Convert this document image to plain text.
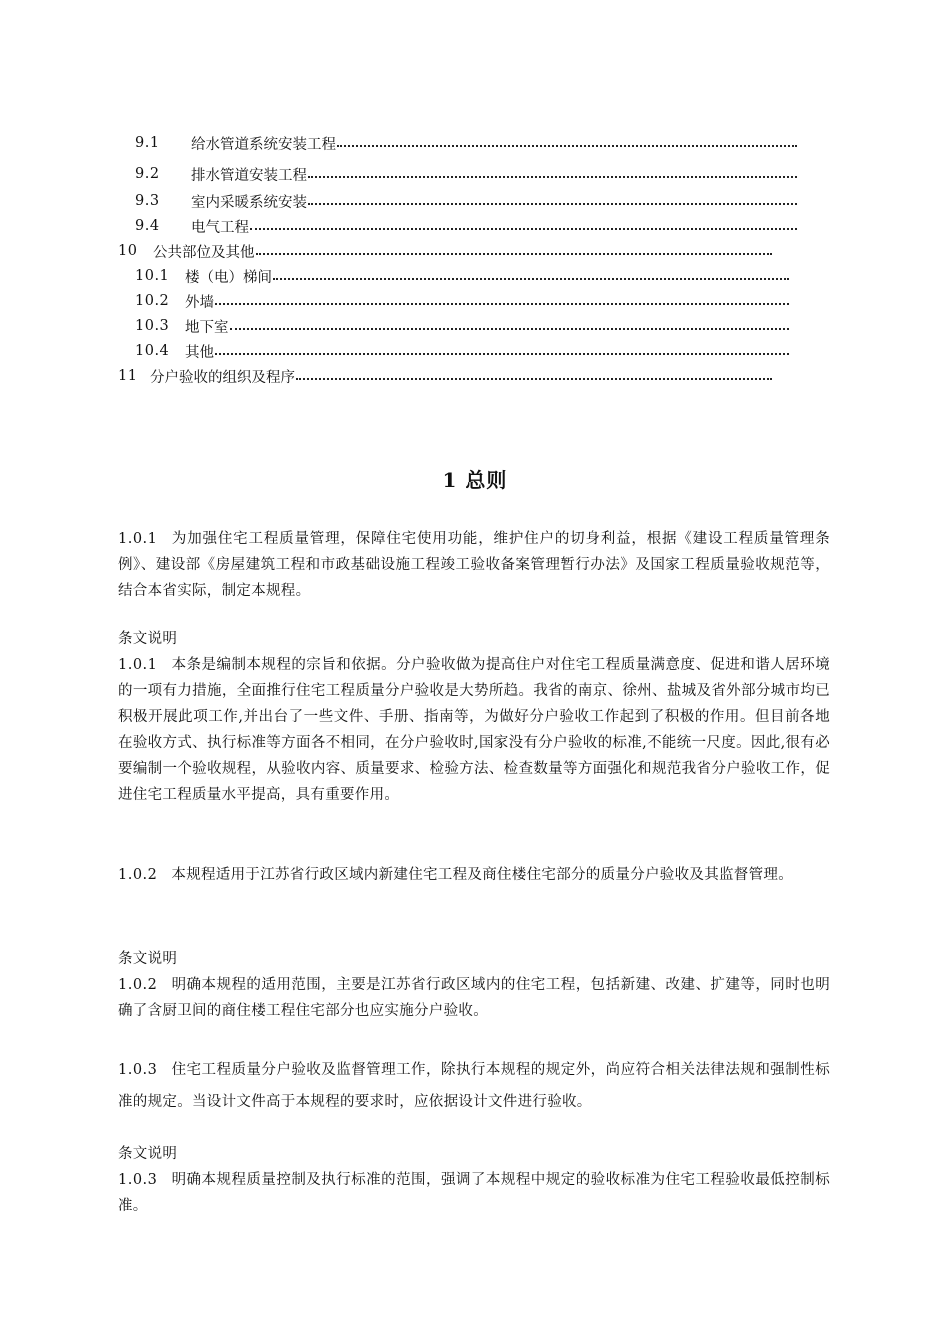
9.1	给水管道系统安装工程
9.2	排水管道安装工程
9.3	室内采暖系统安装
9.4	电气工程
10	公共部位及其他
10.1	楼（电）梯间
10.2	外墙
10.3	地下室
10.4	其他
11 分户验收的组织及程序
1 总则
1.0.1 为加强住宅工程质量管理，保障住宅使用功能，维护住户的切身利益，根据《建设工程质量管理条例》、建设部《房屋建筑工程和市政基础设施工程竣工验收备案管理暂行办法》及国家工程质量验收规范等，结合本省实际，制定本规程。
条文说明
1.0.1 本条是编制本规程的宗旨和依据。分户验收做为提高住户对住宅工程质量满意度、促进和谐人居环境的一项有力措施，全面推行住宅工程质量分户验收是大势所趋。我省的南京、徐州、盐城及省外部分城市均已积极开展此项工作,并出台了一些文件、手册、指南等，为做好分户验收工作起到了积极的作用。但目前各地在验收方式、执行标准等方面各不相同，在分户验收时,国家没有分户验收的标准,不能统一尺度。因此,很有必要编制一个验收规程，从验收内容、质量要求、检验方法、检查数量等方面强化和规范我省分户验收工作，促进住宅工程质量水平提高，具有重要作用。
1.0.2 本规程适用于江苏省行政区域内新建住宅工程及商住楼住宅部分的质量分户验收及其监督管理。
条文说明
1.0.2 明确本规程的适用范围，主要是江苏省行政区域内的住宅工程，包括新建、改建、扩建等，同时也明确了含厨卫间的商住楼工程住宅部分也应实施分户验收。
1.0.3 住宅工程质量分户验收及监督管理工作，除执行本规程的规定外，尚应符合相关法律法规和强制性标准的规定。当设计文件高于本规程的要求时，应依据设计文件进行验收。
条文说明
1.0.3 明确本规程质量控制及执行标准的范围，强调了本规程中规定的验收标准为住宅工程验收最低控制标准。
